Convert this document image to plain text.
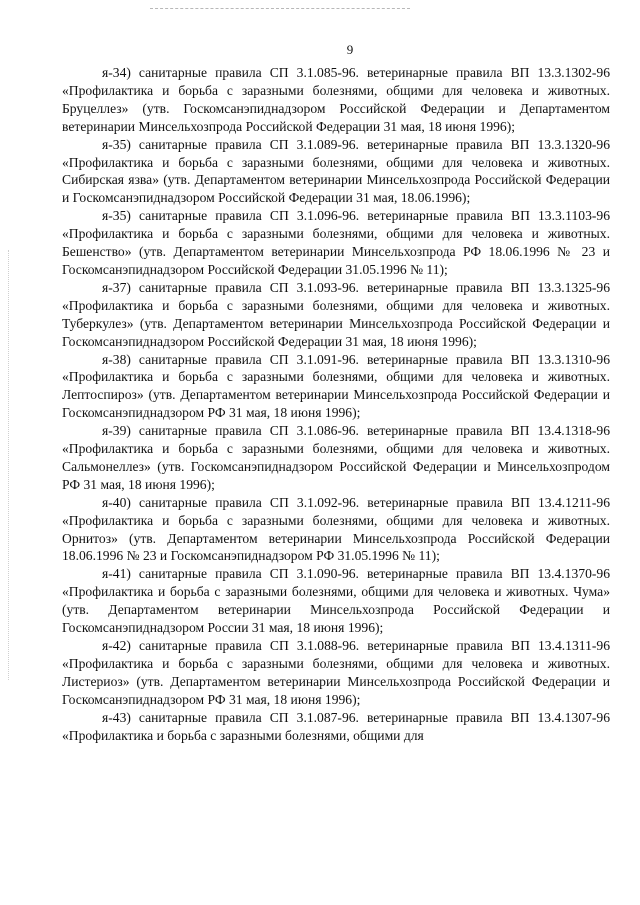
9

я-34) санитарные правила СП 3.1.085-96. ветеринарные правила ВП 13.3.1302-96 «Профилактика и борьба с заразными болезнями, общими для человека и животных. Бруцеллез» (утв. Госкомсанэпиднадзором Российской Федерации и Департаментом ветеринарии Минсельхозпрода Российской Федерации 31 мая, 18 июня 1996);

я-35) санитарные правила СП 3.1.089-96. ветеринарные правила ВП 13.3.1320-96 «Профилактика и борьба с заразными болезнями, общими для человека и животных. Сибирская язва» (утв. Департаментом ветеринарии Минсельхозпрода Российской Федерации и Госкомсанэпиднадзором Российской Федерации 31 мая, 18.06.1996);

я-35) санитарные правила СП 3.1.096-96. ветеринарные правила ВП 13.3.1103-96 «Профилактика и борьба с заразными болезнями, общими для человека и животных. Бешенство» (утв. Департаментом ветеринарии Минсельхозпрода РФ 18.06.1996 № 23 и Госкомсанэпиднадзором Российской Федерации 31.05.1996 № 11);

я-37) санитарные правила СП 3.1.093-96. ветеринарные правила ВП 13.3.1325-96 «Профилактика и борьба с заразными болезнями, общими для человека и животных. Туберкулез» (утв. Департаментом ветеринарии Минсельхозпрода Российской Федерации и Госкомсанэпиднадзором Российской Федерации 31 мая, 18 июня 1996);

я-38) санитарные правила СП 3.1.091-96. ветеринарные правила ВП 13.3.1310-96 «Профилактика и борьба с заразными болезнями, общими для человека и животных. Лептоспироз» (утв. Департаментом ветеринарии Минсельхозпрода Российской Федерации и Госкомсанэпиднадзором РФ 31 мая, 18 июня 1996);

я-39) санитарные правила СП 3.1.086-96. ветеринарные правила ВП 13.4.1318-96 «Профилактика и борьба с заразными болезнями, общими для человека и животных. Сальмонеллез» (утв. Госкомсанэпиднадзором Российской Федерации и Минсельхозпродом РФ 31 мая, 18 июня 1996);

я-40) санитарные правила СП 3.1.092-96. ветеринарные правила ВП 13.4.1211-96 «Профилактика и борьба с заразными болезнями, общими для человека и животных. Орнитоз» (утв. Департаментом ветеринарии Минсельхозпрода Российской Федерации 18.06.1996 № 23 и Госкомсанэпиднадзором РФ 31.05.1996 № 11);

я-41) санитарные правила СП 3.1.090-96. ветеринарные правила ВП 13.4.1370-96 «Профилактика и борьба с заразными болезнями, общими для человека и животных. Чума» (утв. Департаментом ветеринарии Минсельхозпрода Российской Федерации и Госкомсанэпиднадзором России 31 мая, 18 июня 1996);

я-42) санитарные правила СП 3.1.088-96. ветеринарные правила ВП 13.4.1311-96 «Профилактика и борьба с заразными болезнями, общими для человека и животных. Листериоз» (утв. Департаментом ветеринарии Минсельхозпрода Российской Федерации и Госкомсанэпиднадзором РФ 31 мая, 18 июня 1996);

я-43) санитарные правила СП 3.1.087-96. ветеринарные правила ВП 13.4.1307-96 «Профилактика и борьба с заразными болезнями, общими для
